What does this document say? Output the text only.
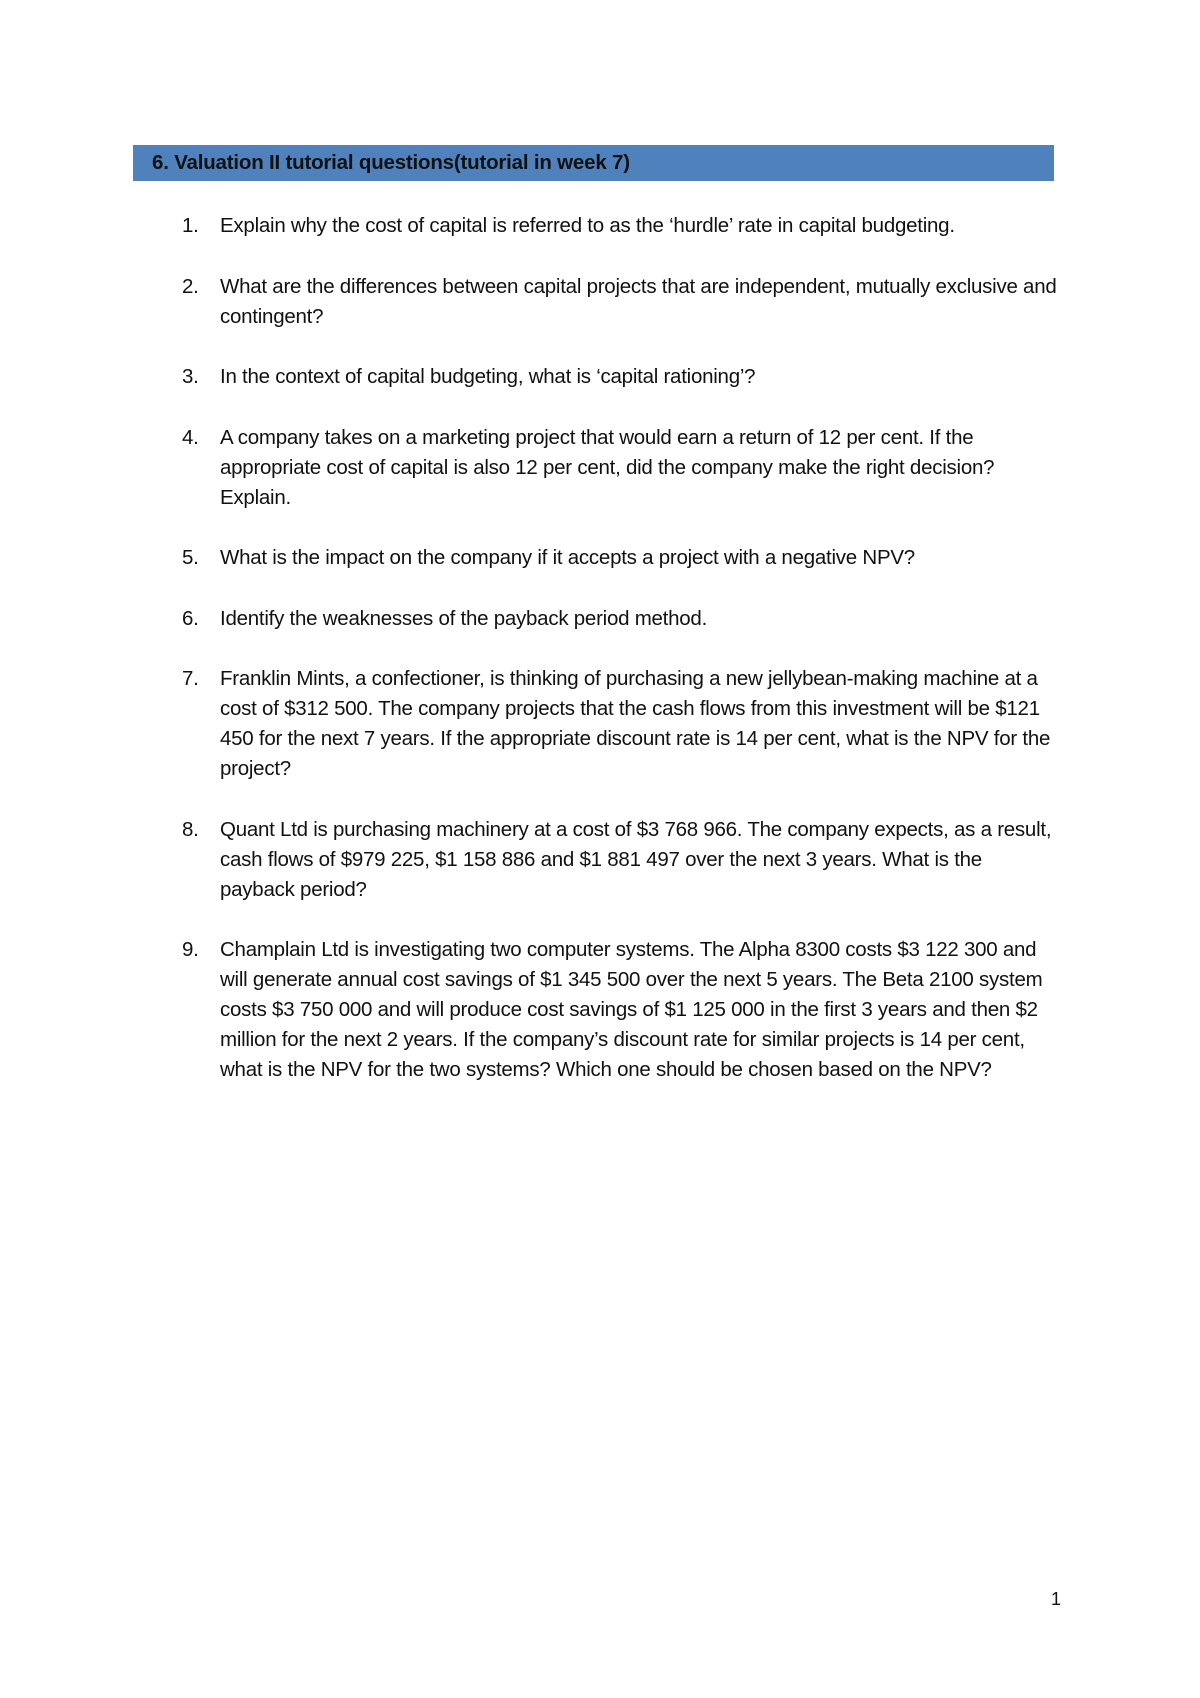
6. Valuation II tutorial questions(tutorial in week 7)
1. Explain why the cost of capital is referred to as the ‘hurdle’ rate in capital budgeting.
2. What are the differences between capital projects that are independent, mutually exclusive and contingent?
3. In the context of capital budgeting, what is ‘capital rationing’?
4. A company takes on a marketing project that would earn a return of 12 per cent. If the appropriate cost of capital is also 12 per cent, did the company make the right decision? Explain.
5. What is the impact on the company if it accepts a project with a negative NPV?
6. Identify the weaknesses of the payback period method.
7. Franklin Mints, a confectioner, is thinking of purchasing a new jellybean-making machine at a cost of $312 500. The company projects that the cash flows from this investment will be $121 450 for the next 7 years. If the appropriate discount rate is 14 per cent, what is the NPV for the project?
8. Quant Ltd is purchasing machinery at a cost of $3 768 966. The company expects, as a result, cash flows of $979 225, $1 158 886 and $1 881 497 over the next 3 years. What is the payback period?
9. Champlain Ltd is investigating two computer systems. The Alpha 8300 costs $3 122 300 and will generate annual cost savings of $1 345 500 over the next 5 years. The Beta 2100 system costs $3 750 000 and will produce cost savings of $1 125 000 in the first 3 years and then $2 million for the next 2 years. If the company’s discount rate for similar projects is 14 per cent, what is the NPV for the two systems? Which one should be chosen based on the NPV?
1
